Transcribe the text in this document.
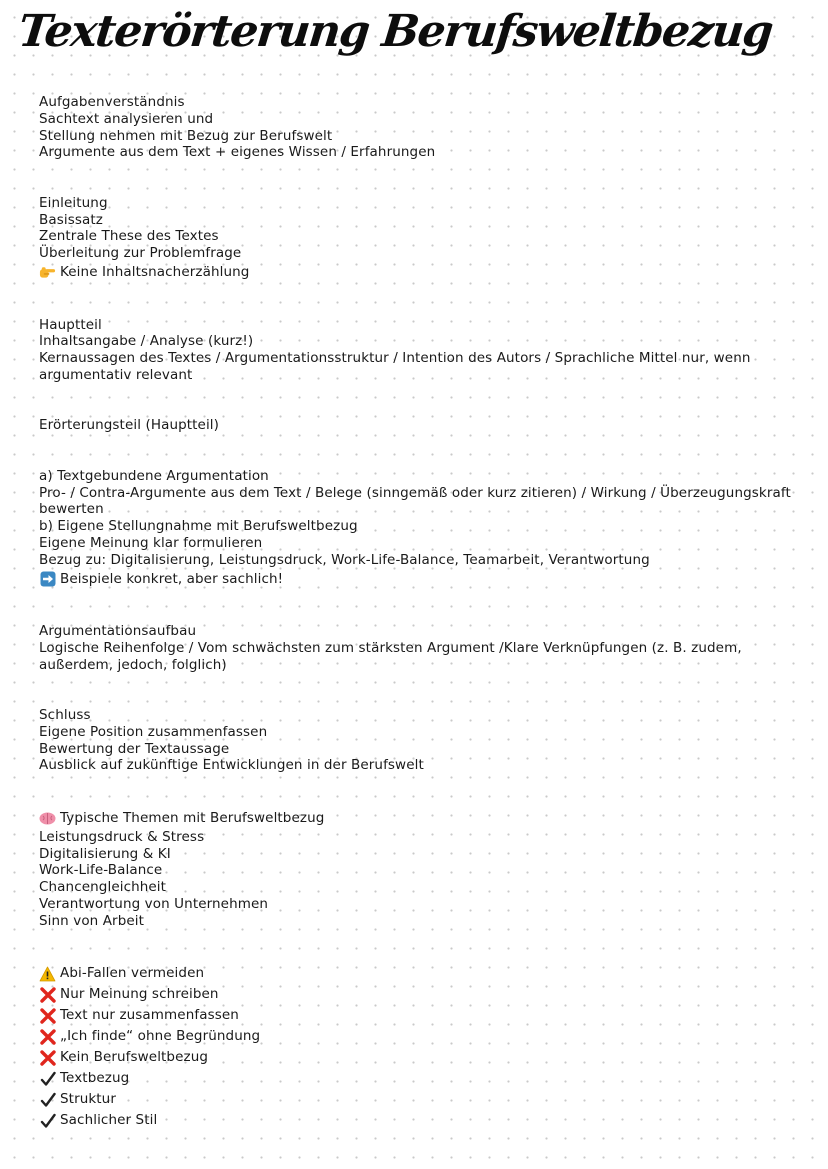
Texterörterung Berufsweltbezug
Aufgabenverständnis
Sachtext analysieren und
Stellung nehmen mit Bezug zur Berufswelt
Argumente aus dem Text + eigenes Wissen / Erfahrungen
Einleitung
Basissatz
Zentrale These des Textes
Überleitung zur Problemfrage
Keine Inhaltsnacherzählung
Hauptteil
Inhaltsangabe / Analyse (kurz!)
Kernaussagen des Textes / Argumentationsstruktur / Intention des Autors / Sprachliche Mittel nur, wenn argumentativ relevant
Erörterungsteil (Hauptteil)
a) Textgebundene Argumentation
Pro- / Contra-Argumente aus dem Text / Belege (sinngemäß oder kurz zitieren) / Wirkung / Überzeugungskraft bewerten
b) Eigene Stellungnahme mit Berufsweltbezug
Eigene Meinung klar formulieren
Bezug zu: Digitalisierung, Leistungsdruck, Work-Life-Balance, Teamarbeit, Verantwortung
Beispiele konkret, aber sachlich!
Argumentationsaufbau
Logische Reihenfolge / Vom schwächsten zum stärksten Argument /Klare Verknüpfungen (z. B. zudem, außerdem, jedoch, folglich)
Schluss
Eigene Position zusammenfassen
Bewertung der Textaussage
Ausblick auf zukünftige Entwicklungen in der Berufswelt
Typische Themen mit Berufsweltbezug
Leistungsdruck & Stress
Digitalisierung & KI
Work-Life-Balance
Chancengleichheit
Verantwortung von Unternehmen
Sinn von Arbeit
Abi-Fallen vermeiden
Nur Meinung schreiben
Text nur zusammenfassen
„Ich finde“ ohne Begründung
Kein Berufsweltbezug
Textbezug
Struktur
Sachlicher Stil
